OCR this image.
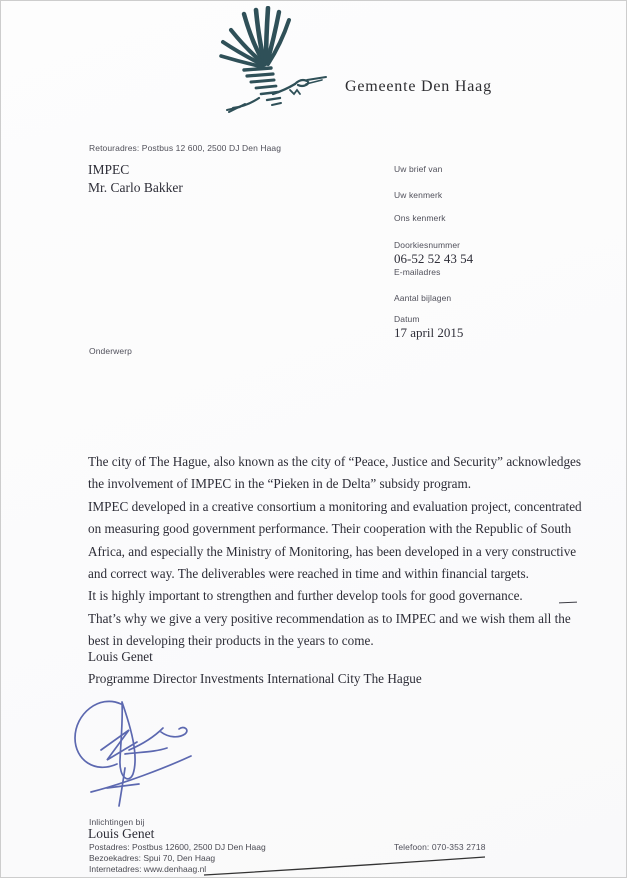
Gemeente Den Haag
Retouradres: Postbus 12 600, 2500 DJ Den Haag
IMPEC
Mr. Carlo Bakker
Uw brief van
Uw kenmerk
Ons kenmerk
Doorkiesnummer
06-52 52 43 54
E-mailadres
Aantal bijlagen
Datum
17 april 2015
Onderwerp

The city of The Hague, also known as the city of “Peace, Justice and Security” acknowledges the involvement of IMPEC in the “Pieken in de Delta” subsidy program.

IMPEC developed in a creative consortium a monitoring and evaluation project, concentrated on measuring good government performance. Their cooperation with the Republic of South Africa, and especially the Ministry of Monitoring, has been developed in a very constructive and correct way. The deliverables were reached in time and within financial targets.

It is highly important to strengthen and further develop tools for good governance.

That’s why we give a very positive recommendation as to IMPEC and we wish them all the best in developing their products in the years to come.

Louis Genet
Programme Director Investments International City The Hague
Inlichtingen bij
Louis Genet
Postadres: Postbus 12600, 2500 DJ Den Haag
Bezoekadres: Spui 70, Den Haag
Internetadres: www.denhaag.nl
Telefoon: 070-353 2718
